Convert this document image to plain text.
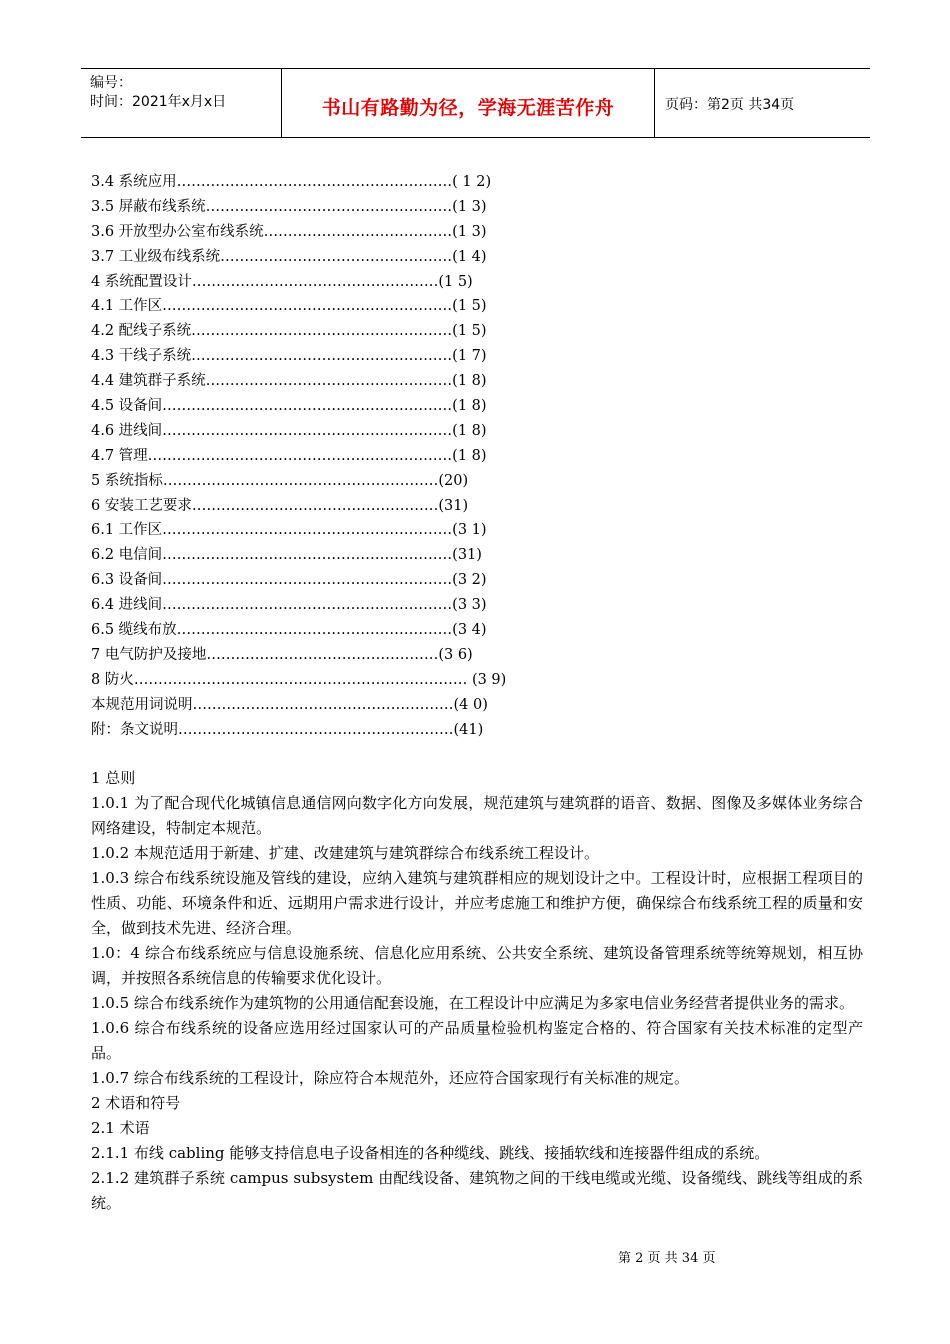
编号：
时间：2021年x月x日	书山有路勤为径，学海无涯苦作舟	页码：第2页 共34页
3.4 系统应用…………………………………………………( 1 2)
3.5 屏蔽布线系统……………………………………………(1 3)
3.6 开放型办公室布线系统…………………………………(1 3)
3.7 工业级布线系统…………………………………………(1 4)
4 系统配置设计……………………………………………(1 5)
4.1 工作区……………………………………………………(1 5)
4.2 配线子系统………………………………………………(1 5)
4.3 干线子系统………………………………………………(1 7)
4.4 建筑群子系统……………………………………………(1 8)
4.5 设备间……………………………………………………(1 8)
4.6 进线间……………………………………………………(1 8)
4.7 管理………………………………………………………(1 8)
5 系统指标…………………………………………………(20)
6 安装工艺要求……………………………………………(31)
6.1 工作区……………………………………………………(3 1)
6.2 电信间……………………………………………………(31)
6.3 设备间……………………………………………………(3 2)
6.4 进线间……………………………………………………(3 3)
6.5 缆线布放…………………………………………………(3 4)
7 电气防护及接地…………………………………………(3 6)
8 防火…………………………………………………………… (3 9)
本规范用词说明………………………………………………(4 0)
附：条文说明…………………………………………………(41)

1 总则

1.0.1 为了配合现代化城镇信息通信网向数字化方向发展，规范建筑与建筑群的语音、数据、图像及多媒体业务综合网络建设，特制定本规范。

1.0.2 本规范适用于新建、扩建、改建建筑与建筑群综合布线系统工程设计。

1.0.3 综合布线系统设施及管线的建设，应纳入建筑与建筑群相应的规划设计之中。工程设计时，应根据工程项目的性质、功能、环境条件和近、远期用户需求进行设计，并应考虑施工和维护方便，确保综合布线系统工程的质量和安全，做到技术先进、经济合理。

1.0：4 综合布线系统应与信息设施系统、信息化应用系统、公共安全系统、建筑设备管理系统等统筹规划，相互协调，并按照各系统信息的传输要求优化设计。

1.0.5 综合布线系统作为建筑物的公用通信配套设施，在工程设计中应满足为多家电信业务经营者提供业务的需求。

1.0.6 综合布线系统的设备应选用经过国家认可的产品质量检验机构鉴定合格的、符合国家有关技术标准的定型产品。

1.0.7 综合布线系统的工程设计，除应符合本规范外，还应符合国家现行有关标准的规定。

2 术语和符号

2.1 术语

2.1.1 布线 cabling 能够支持信息电子设备相连的各种缆线、跳线、接插软线和连接器件组成的系统。

2.1.2 建筑群子系统 campus subsystem 由配线设备、建筑物之间的干线电缆或光缆、设备缆线、跳线等组成的系统。

第 2 页 共 34 页
